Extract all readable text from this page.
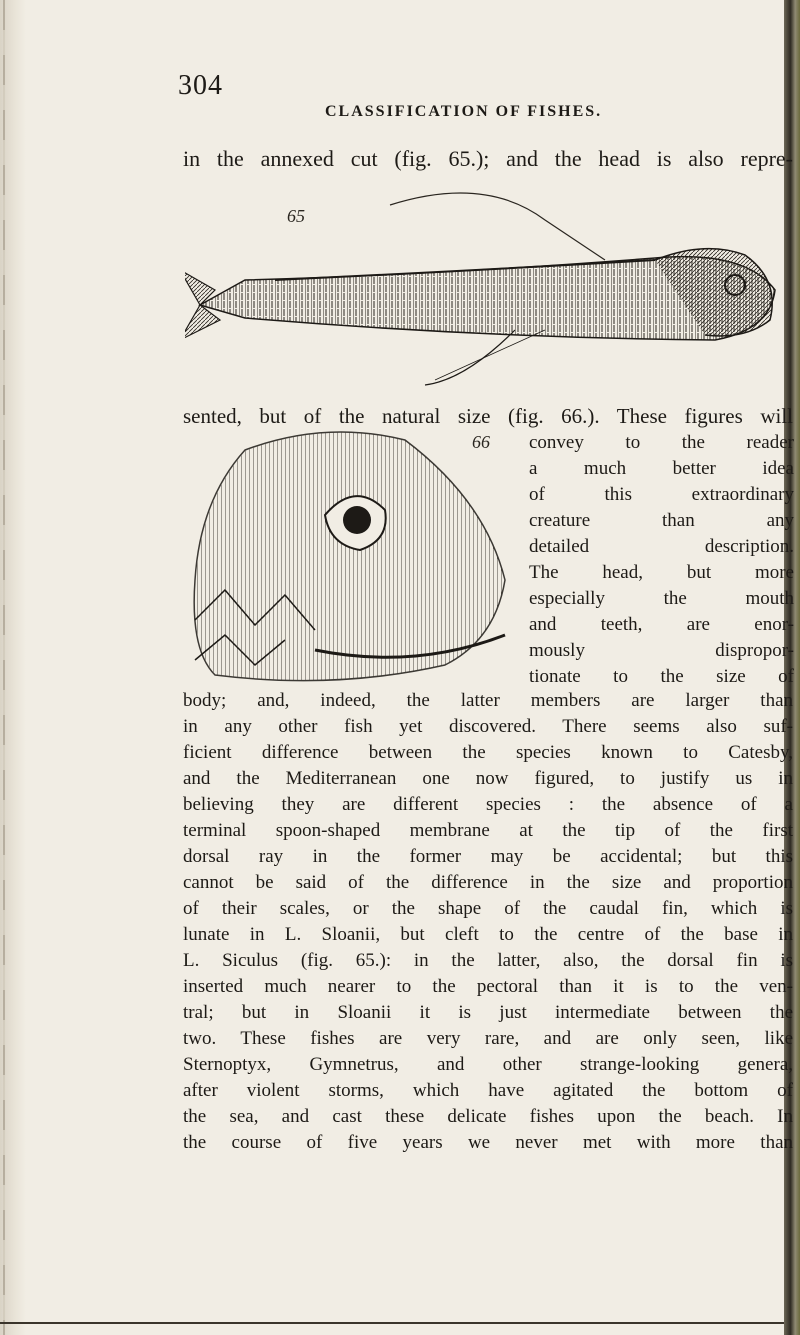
304
CLASSIFICATION OF FISHES.
in the annexed cut (fig. 65.); and the head is also repre-
65
sented, but of the natural size (fig. 66.). These figures will
66 convey to the reader
a much better idea
of this extraordinary
creature than any
detailed description.
The head, but more
especially the mouth
and teeth, are enor-
mously dispropor-
tionate to the size of
body; and, indeed, the latter members are larger than
in any other fish yet discovered. There seems also suf-
ficient difference between the species known to Catesby,
and the Mediterranean one now figured, to justify us in
believing they are different species : the absence of a
terminal spoon-shaped membrane at the tip of the first
dorsal ray in the former may be accidental; but this
cannot be said of the difference in the size and proportion
of their scales, or the shape of the caudal fin, which is
lunate in L. Sloanii, but cleft to the centre of the base in
L. Siculus (fig. 65.): in the latter, also, the dorsal fin is
inserted much nearer to the pectoral than it is to the ven-
tral; but in Sloanii it is just intermediate between the
two. These fishes are very rare, and are only seen, like
Sternoptyx, Gymnetrus, and other strange-looking genera,
after violent storms, which have agitated the bottom of
the sea, and cast these delicate fishes upon the beach. In
the course of five years we never met with more than
